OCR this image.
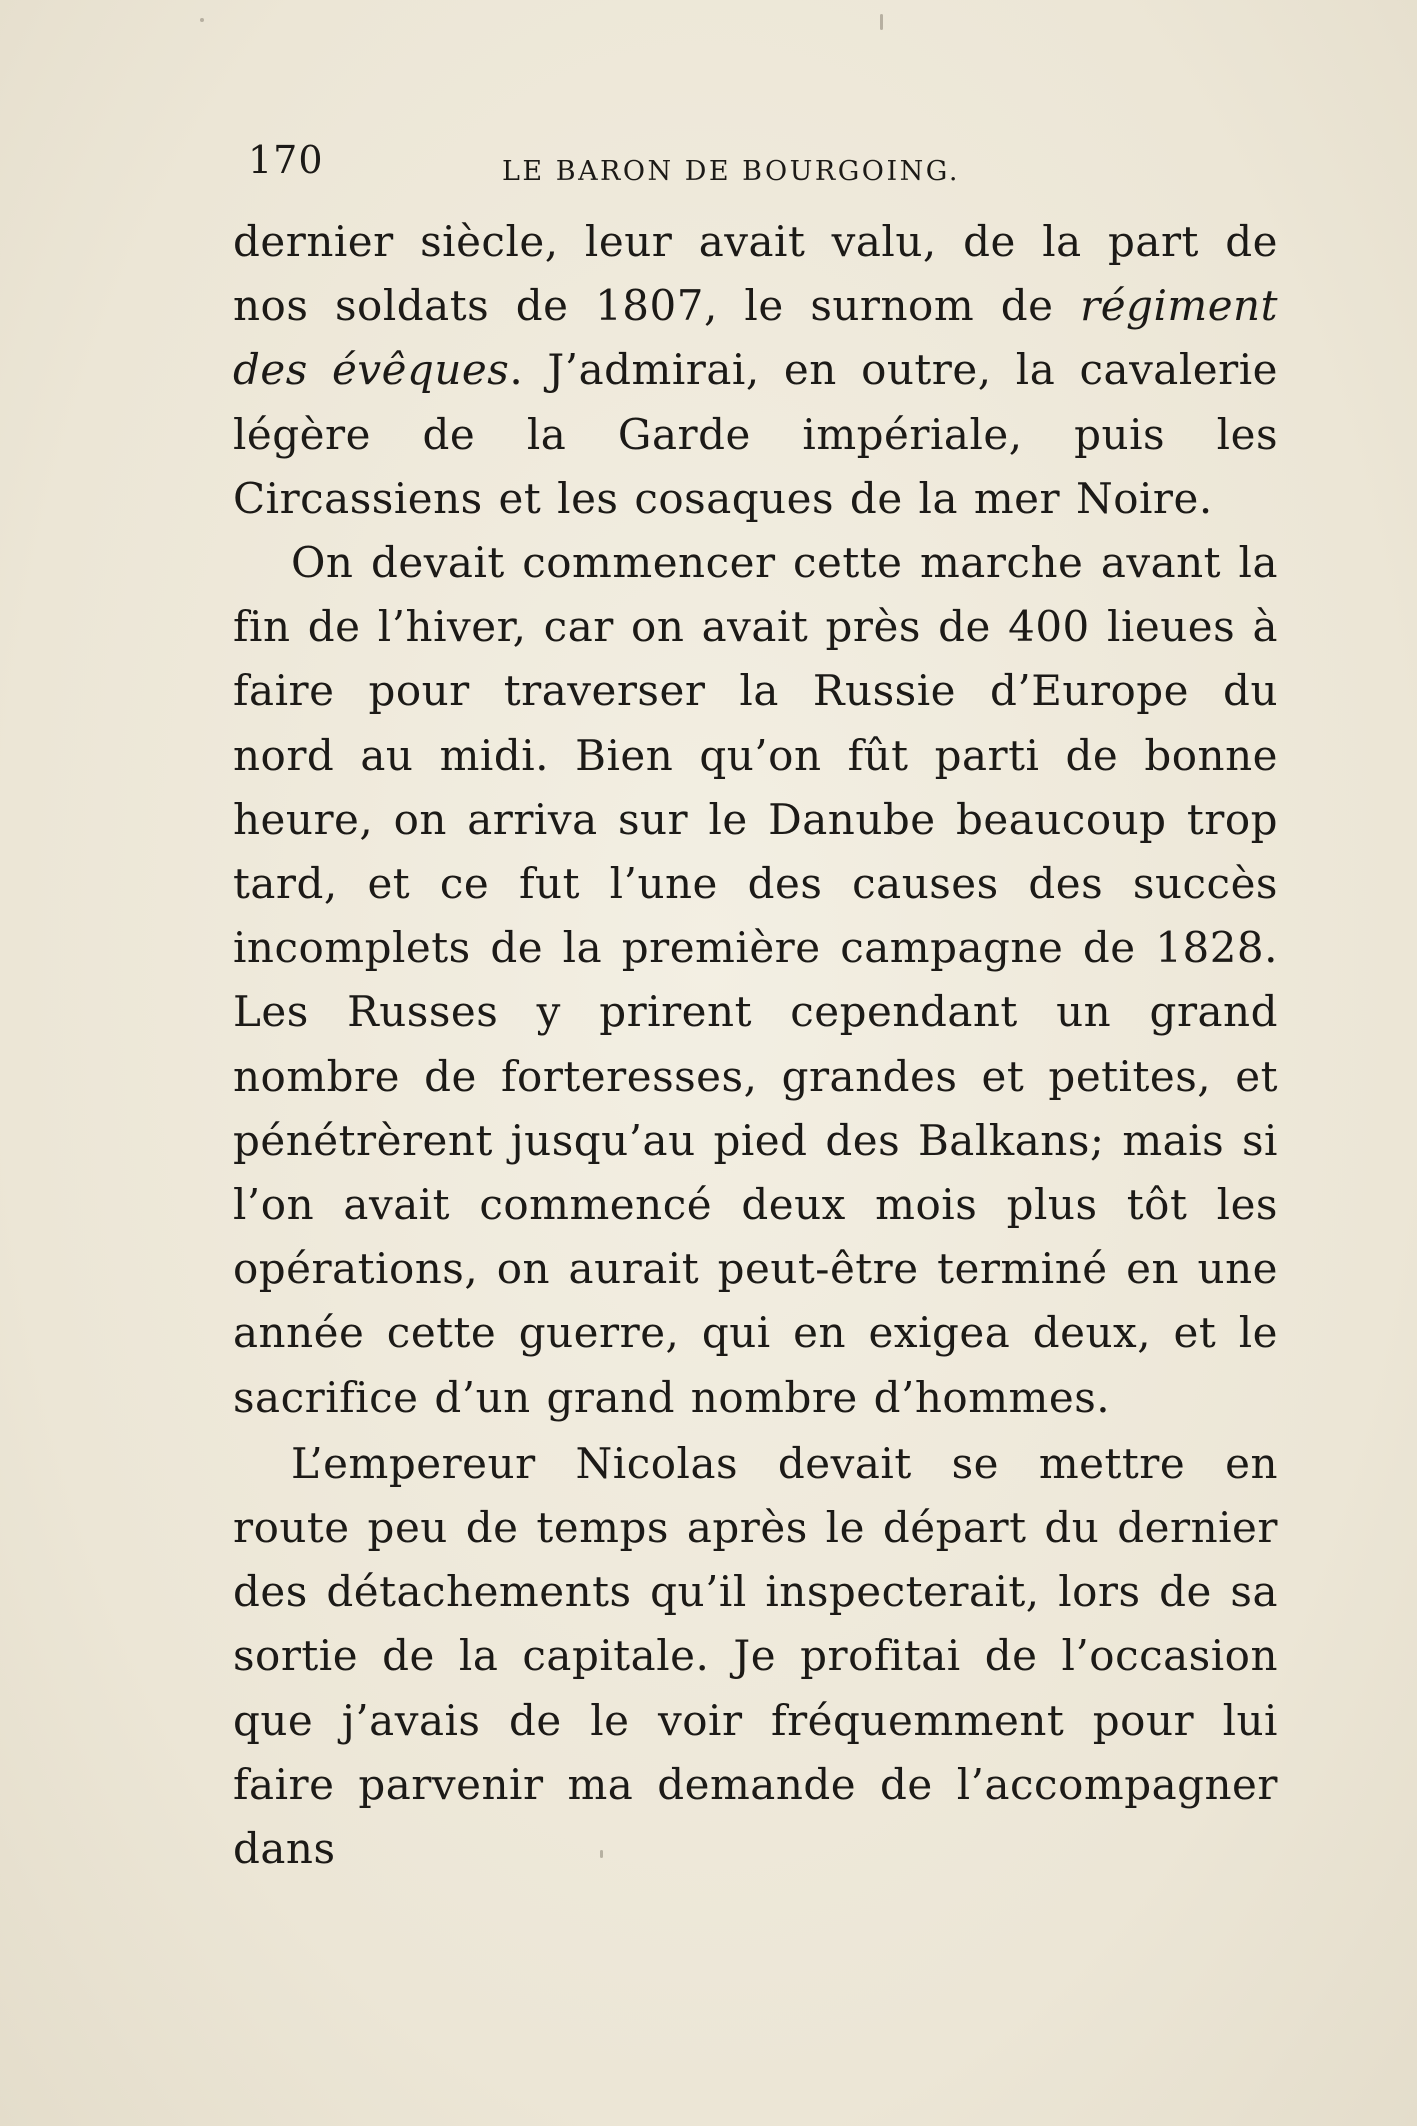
170	LE BARON DE BOURGOING.

dernier siècle, leur avait valu, de la part de nos soldats de 1807, le surnom de régiment des évêques. J’admirai, en outre, la cavalerie légère de la Garde impériale, puis les Circassiens et les cosaques de la mer Noire.

On devait commencer cette marche avant la fin de l’hiver, car on avait près de 400 lieues à faire pour traverser la Russie d’Europe du nord au midi. Bien qu’on fût parti de bonne heure, on arriva sur le Danube beaucoup trop tard, et ce fut l’une des causes des succès incomplets de la première campagne de 1828. Les Russes y prirent cependant un grand nombre de forteresses, grandes et petites, et pénétrèrent jusqu’au pied des Balkans; mais si l’on avait commencé deux mois plus tôt les opérations, on aurait peut-être terminé en une année cette guerre, qui en exigea deux, et le sacrifice d’un grand nombre d’hommes.

L’empereur Nicolas devait se mettre en route peu de temps après le départ du dernier des détachements qu’il inspecterait, lors de sa sortie de la capitale. Je profitai de l’occasion que j’avais de le voir fréquemment pour lui faire parvenir ma demande de l’accompagner dans
